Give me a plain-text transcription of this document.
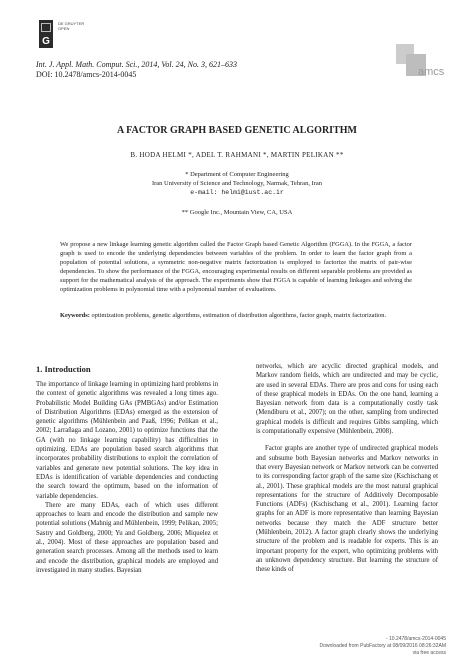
G
DE GRUYTER
OPEN
amcs
Int. J. Appl. Math. Comput. Sci., 2014, Vol. 24, No. 3, 621–633
DOI: 10.2478/amcs-2014-0045
A FACTOR GRAPH BASED GENETIC ALGORITHM
B. HODA HELMI *, ADEL T. RAHMANI *, MARTIN PELIKAN **
* Department of Computer Engineering
Iran University of Science and Technology, Narmak, Tehran, Iran
e-mail: helmi@iust.ac.ir
** Google Inc., Mountain View, CA, USA
We propose a new linkage learning genetic algorithm called the Factor Graph based Genetic Algorithm (FGGA). In the FGGA, a factor graph is used to encode the underlying dependencies between variables of the problem. In order to learn the factor graph from a population of potential solutions, a symmetric non-negative matrix factorization is employed to factorize the matrix of pair-wise dependencies. To show the performance of the FGGA, encouraging experimental results on different separable problems are provided as support for the mathematical analysis of the approach. The experiments show that FGGA is capable of learning linkages and solving the optimization problems in polynomial time with a polynomial number of evaluations.
Keywords: optimization problems, genetic algorithms, estimation of distribution algorithms, factor graph, matrix factorization.
1. Introduction

The importance of linkage learning in optimizing hard problems in the context of genetic algorithms was revealed a long times ago. Probabilistic Model Building GAs (PMBGAs) and/or Estimation of Distribution Algorithms (EDAs) emerged as the extension of genetic algorithms (Mühlenbein and Paaß, 1996; Pelikan et al., 2002; Larrañaga and Lozano, 2001) to optimize functions that the GA (with no linkage learning capability) has difficulties in optimizing. EDAs are population based search algorithms that incorporates probability distributions to exploit the correlation of variables and generate new potential solutions. The key idea in EDAs is identification of variable dependencies and conducting the search toward the optimum, based on the information of variable dependencies.

There are many EDAs, each of which uses different approaches to learn and encode the distribution and sample new potential solutions (Mahnig and Mühlenbein, 1999; Pelikan, 2005; Sastry and Goldberg, 2000; Yu and Goldberg, 2006; Miquelez et al., 2004). Most of these approaches are population based and generation search processes. Among all the methods used to learn and encode the distribution, graphical models are employed and investigated in many studies. Bayesian

networks, which are acyclic directed graphical models, and Markov random fields, which are undirected and may be cyclic, are used in several EDAs. There are pros and cons for using each of these graphical models in EDAs. On the one hand, learning a Bayesian network from data is a computationally costly task (Mendiburu et al., 2007); on the other, sampling from undirected graphical models is difficult and requires Gibbs sampling, which is computationally expensive (Mühlenbein, 2008).

Factor graphs are another type of undirected graphical models and subsume both Bayesian networks and Markov networks in that every Bayesian network or Markov network can be converted to its corresponding factor graph of the same size (Kschischang et al., 2001). These graphical models are the most natural graphical representations for the structure of Additively Decomposable Functions (ADFs) (Kschischang et al., 2001). Learning factor graphs for an ADF is more representative than learning Bayesian networks because they match the ADF structure better (Mühlenbein, 2012). A factor graph clearly shows the underlying structure of the problem and is readable for experts. This is an important property for the expert, who optimizing problems with an unknown dependency structure. But learning the structure of these kinds of

- 10.2478/amcs-2014-0045
Downloaded from PubFactory at 08/09/2016 08:26:32AM
via free access
